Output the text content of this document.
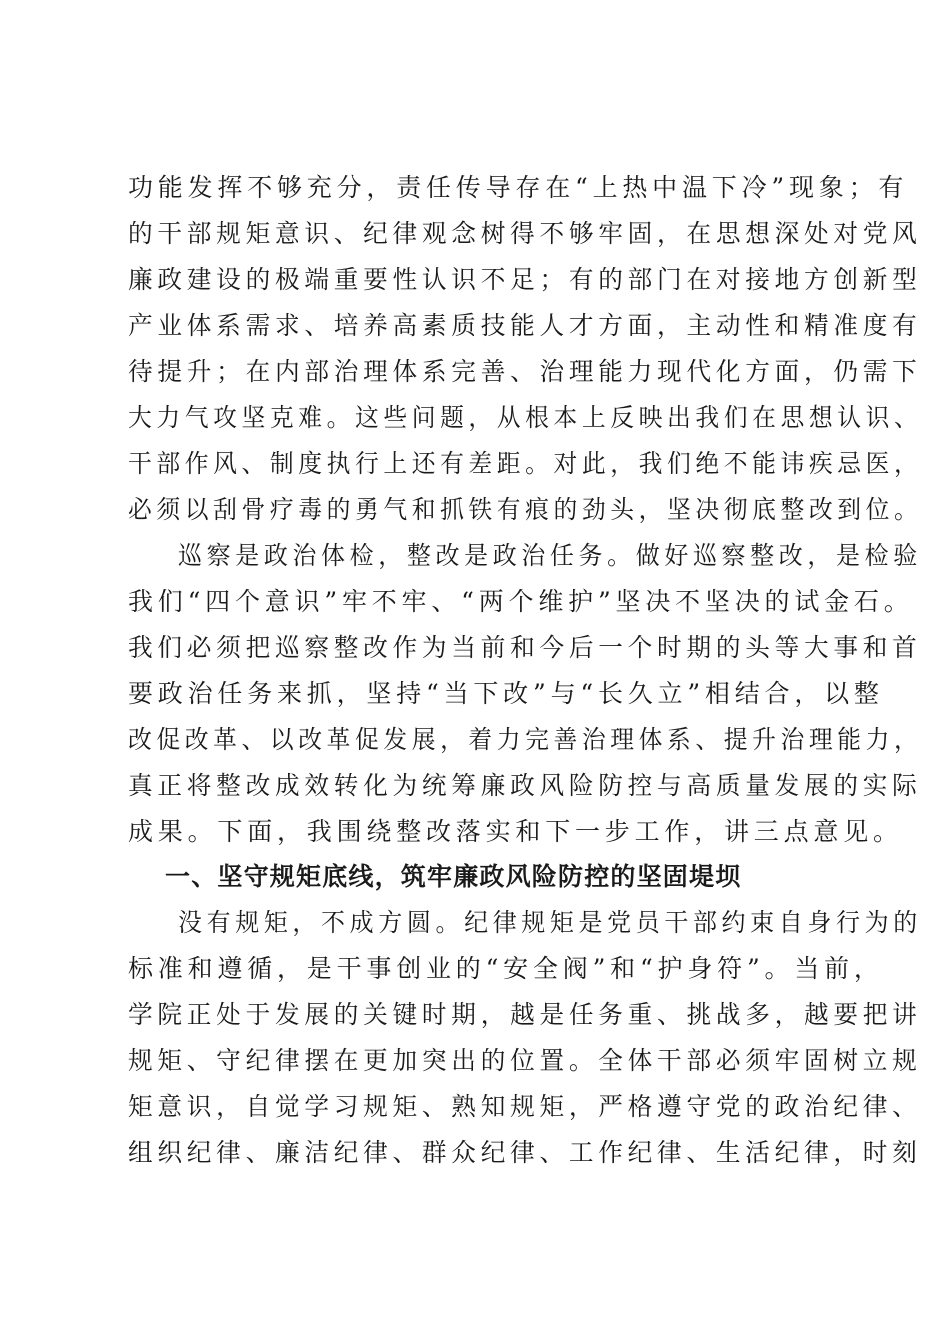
功能发挥不够充分，责任传导存在“上热中温下冷”现象；有
的干部规矩意识、纪律观念树得不够牢固，在思想深处对党风
廉政建设的极端重要性认识不足；有的部门在对接地方创新型
产业体系需求、培养高素质技能人才方面，主动性和精准度有
待提升；在内部治理体系完善、治理能力现代化方面，仍需下
大力气攻坚克难。这些问题，从根本上反映出我们在思想认识、
干部作风、制度执行上还有差距。对此，我们绝不能讳疾忌医，
必须以刮骨疗毒的勇气和抓铁有痕的劲头，坚决彻底整改到位。
巡察是政治体检，整改是政治任务。做好巡察整改，是检验
我们“四个意识”牢不牢、“两个维护”坚决不坚决的试金石。
我们必须把巡察整改作为当前和今后一个时期的头等大事和首
要政治任务来抓，坚持“当下改”与“长久立”相结合，以整
改促改革、以改革促发展，着力完善治理体系、提升治理能力，
真正将整改成效转化为统筹廉政风险防控与高质量发展的实际
成果。下面，我围绕整改落实和下一步工作，讲三点意见。
一、坚守规矩底线，筑牢廉政风险防控的坚固堤坝
没有规矩，不成方圆。纪律规矩是党员干部约束自身行为的
标准和遵循，是干事创业的“安全阀”和“护身符”。当前，
学院正处于发展的关键时期，越是任务重、挑战多，越要把讲
规矩、守纪律摆在更加突出的位置。全体干部必须牢固树立规
矩意识，自觉学习规矩、熟知规矩，严格遵守党的政治纪律、
组织纪律、廉洁纪律、群众纪律、工作纪律、生活纪律，时刻
